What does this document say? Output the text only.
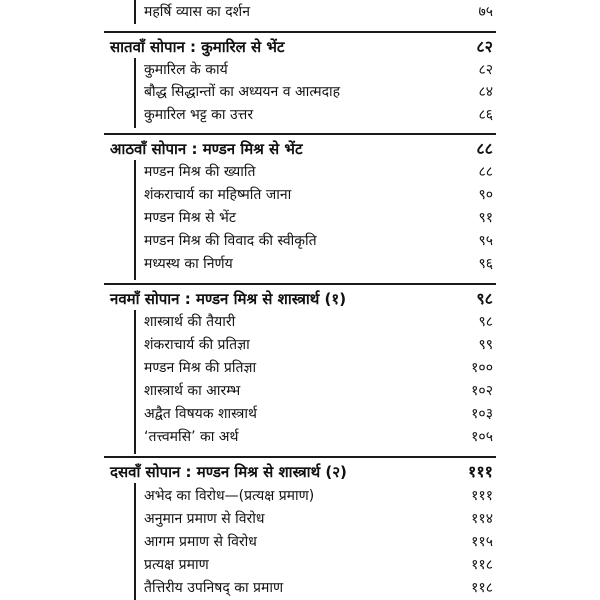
महर्षि व्यास का दर्शन	७५
सातवाँ सोपान : कुमारिल से भेंट	८२
कुमारिल के कार्य	८२
बौद्ध सिद्धान्तों का अध्ययन व आत्मदाह	८४
कुमारिल भट्ट का उत्तर	८६
आठवाँ सोपान : मण्डन मिश्र से भेंट	८८
मण्डन मिश्र की ख्याति	८८
शंकराचार्य का महिष्मति जाना	९०
मण्डन मिश्र से भेंट	९१
मण्डन मिश्र की विवाद की स्वीकृति	९५
मध्यस्थ का निर्णय	९६
नवमाँ सोपान : मण्डन मिश्र से शास्त्रार्थ (१)	९८
शास्त्रार्थ की तैयारी	९८
शंकराचार्य की प्रतिज्ञा	९९
मण्डन मिश्र की प्रतिज्ञा	१००
शास्त्रार्थ का आरम्भ	१०२
अद्वैत विषयक शास्त्रार्थ	१०३
‘तत्त्वमसि’ का अर्थ	१०५
दसवाँ सोपान : मण्डन मिश्र से शास्त्रार्थ (२)	१११
अभेद का विरोध—(प्रत्यक्ष प्रमाण)	१११
अनुमान प्रमाण से विरोध	११४
आगम प्रमाण से विरोध	११५
प्रत्यक्ष प्रमाण	११८
तैत्तिरीय उपनिषद् का प्रमाण	११८
